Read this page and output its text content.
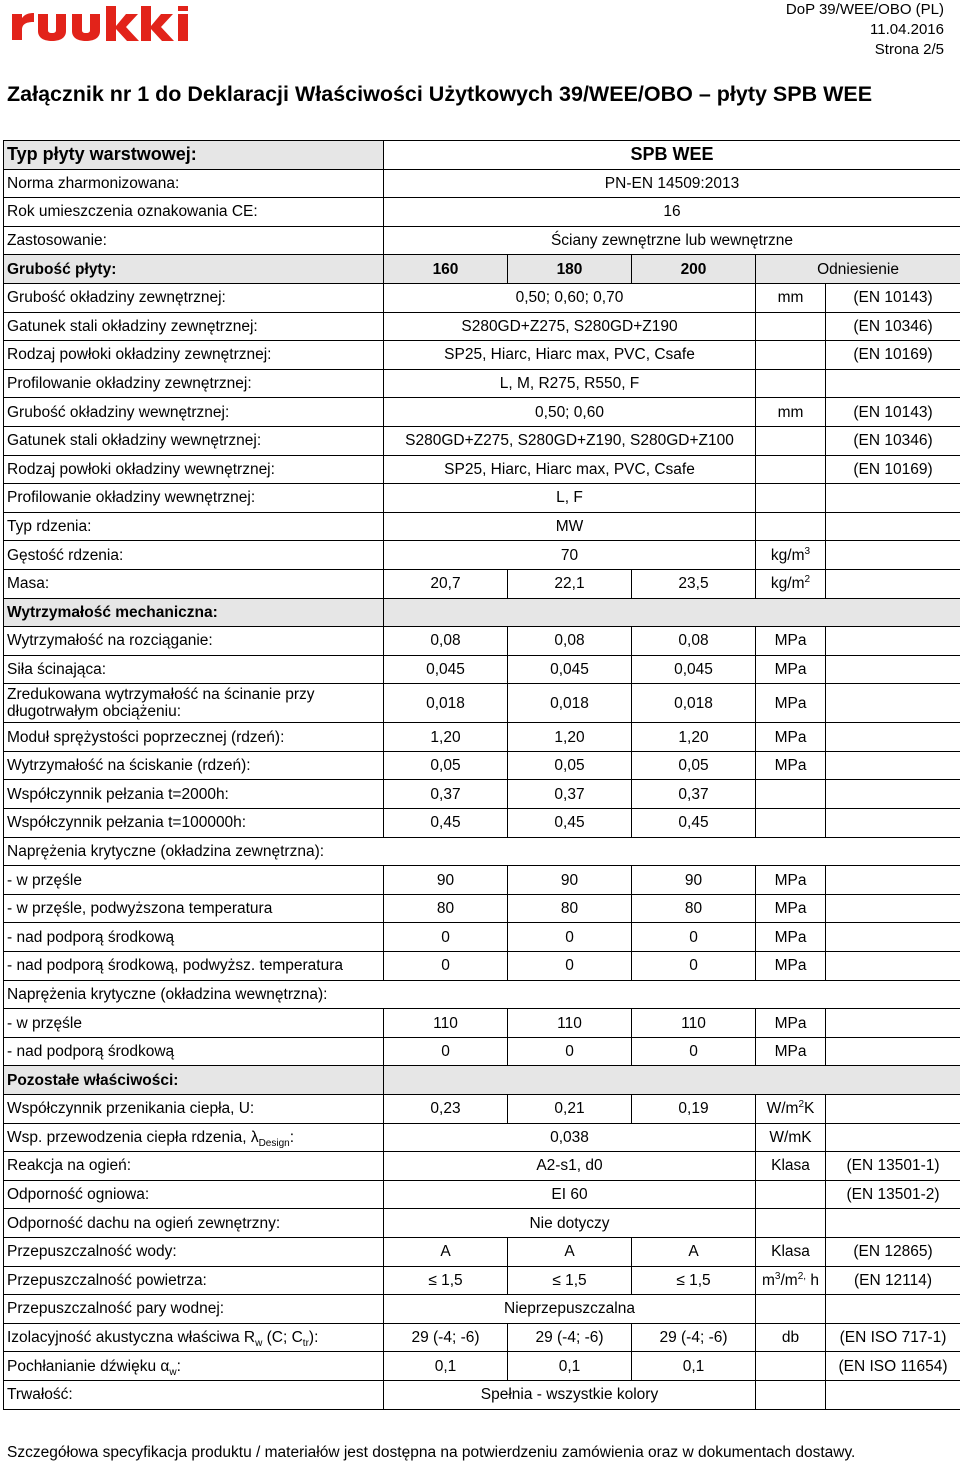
DoP 39/WEE/OBO (PL)
11.04.2016
Strona 2/5
Załącznik nr 1 do Deklaracji Właściwości Użytkowych 39/WEE/OBO – płyty SPB WEE
Typ płyty warstwowej:	SPB WEE				
Norma zharmonizowana:	PN-EN 14509:2013				
Rok umieszczenia oznakowania CE:	16				
Zastosowanie:	Ściany zewnętrzne lub wewnętrzne				
Grubość płyty:	160	180	200	Odniesienie	
Grubość okładziny zewnętrznej:	0,50; 0,60; 0,70			mm	(EN 10143)
Gatunek stali okładziny zewnętrznej:	S280GD+Z275, S280GD+Z190				(EN 10346)
Rodzaj powłoki okładziny zewnętrznej:	SP25, Hiarc, Hiarc max, PVC, Csafe				(EN 10169)
Profilowanie okładziny zewnętrznej:	L, M, R275, R550, F				
Grubość okładziny wewnętrznej:	0,50; 0,60			mm	(EN 10143)
Gatunek stali okładziny wewnętrznej:	S280GD+Z275, S280GD+Z190, S280GD+Z100				(EN 10346)
Rodzaj powłoki okładziny wewnętrznej:	SP25, Hiarc, Hiarc max, PVC, Csafe				(EN 10169)
Profilowanie okładziny wewnętrznej:	L, F				
Typ rdzenia:	MW				
Gęstość rdzenia:	70			$kg/m^3$	
Masa:	20,7	22,1	23,5	$kg/m^2$	
Wytrzymałość mechaniczna:					
Wytrzymałość na rozciąganie:	0,08	0,08	0,08	MPa	
Siła ścinająca:	0,045	0,045	0,045	MPa	
Zredukowana wytrzymałość na ścinanie przy długotrwałym obciążeniu:	0,018	0,018	0,018	MPa	
Moduł sprężystości poprzecznej (rdzeń):	1,20	1,20	1,20	MPa	
Wytrzymałość na ściskanie (rdzeń):	0,05	0,05	0,05	MPa	
Współczynnik pełzania t=2000h:	0,37	0,37	0,37		
Współczynnik pełzania t=100000h:	0,45	0,45	0,45		
Naprężenia krytyczne (okładzina zewnętrzna):					
- w przęśle	90	90	90	MPa	
- w przęśle, podwyższona temperatura	80	80	80	MPa	
- nad podporą środkową	0	0	0	MPa	
- nad podporą środkową, podwyższ. temperatura	0	0	0	MPa	
Naprężenia krytyczne (okładzina wewnętrzna):					
- w przęśle	110	110	110	MPa	
- nad podporą środkową	0	0	0	MPa	
Pozostałe właściwości:					
Współczynnik przenikania ciepła, U:	0,23	0,21	0,19	$W/m^2K$	
Wsp. przewodzenia ciepła rdzenia, $\lambda_{Design}$:	0,038			W/mK	
Reakcja na ogień:	A2-s1, d0			Klasa	(EN 13501-1)
Odporność ogniowa:	EI 60				(EN 13501-2)
Odporność dachu na ogień zewnętrzny:	Nie dotyczy				
Przepuszczalność wody:	A	A	A	Klasa	(EN 12865)
Przepuszczalność powietrza:	≤ 1,5	≤ 1,5	≤ 1,5	$m^3/m^{2,}$ h	(EN 12114)
Przepuszczalność pary wodnej:	Nieprzepuszczalna				
Izolacyjność akustyczna właściwa $R_w$ (C; $C_{tr}$):	29 (-4; -6)	29 (-4; -6)	29 (-4; -6)	db	(EN ISO 717-1)
Pochłanianie dźwięku $\alpha_w$:	0,1	0,1	0,1		(EN ISO 11654)
Trwałość:	Spełnia - wszystkie kolory				
Szczegółowa specyfikacja produktu / materiałów jest dostępna na potwierdzeniu zamówienia oraz w dokumentach dostawy.
